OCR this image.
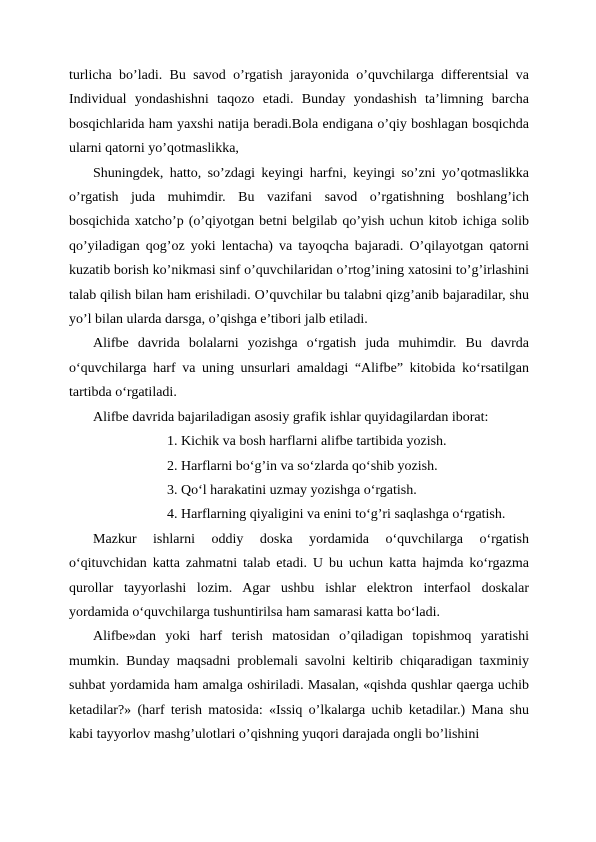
turlicha bo’ladi. Bu savod o’rgatish jarayonida o’quvchilarga differentsial va Individual yondashishni taqozo etadi. Bunday yondashish ta’limning barcha bosqichlarida ham yaxshi natija beradi.Bola endigana o’qiy boshlagan bosqichda ularni qatorni yo’qotmaslikka,

Shuningdek, hatto, so’zdagi keyingi harfni, keyingi so’zni yo’qotmaslikka o’rgatish juda muhimdir. Bu vazifani savod o’rgatishning boshlang’ich bosqichida xatcho’p (o’qiyotgan betni belgilab qo’yish uchun kitob ichiga solib qo’yiladigan qog’oz yoki lentacha) va tayoqcha bajaradi. O’qilayotgan qatorni kuzatib borish ko’nikmasi sinf o’quvchilaridan o’rtog’ining xatosini to’g’irlashini talab qilish bilan ham erishiladi. O’quvchilar bu talabni qizg’anib bajaradilar, shu yo’l bilan ularda darsga, o’qishga e’tibori jalb etiladi.

Alifbe davrida bolalarni yozishga o‘rgatish juda muhimdir. Bu davrda o‘quvchilarga harf va uning unsurlari amaldagi “Alifbe” kitobida ko‘rsatilgan tartibda o‘rgatiladi.

Alifbe davrida bajariladigan asosiy grafik ishlar quyidagilardan iborat:

1. Kichik va bosh harflarni alifbe tartibida yozish.
2. Harflarni bo‘g’in va so‘zlarda qo‘shib yozish.
3. Qo‘l harakatini uzmay yozishga o‘rgatish.
4. Harflarning qiyaligini va enini to‘g’ri saqlashga o‘rgatish.

Mazkur ishlarni oddiy doska yordamida o‘quvchilarga o‘rgatish o‘qituvchidan katta zahmatni talab etadi. U bu uchun katta hajmda ko‘rgazma qurollar tayyorlashi lozim. Agar ushbu ishlar elektron interfaol doskalar yordamida o‘quvchilarga tushuntirilsa ham samarasi katta bo‘ladi.

Alifbe»dan yoki harf terish matosidan o’qiladigan topishmoq yaratishi mumkin. Bunday maqsadni problemali savolni keltirib chiqaradigan taxminiy suhbat yordamida ham amalga oshiriladi. Masalan, «qishda qushlar qaerga uchib ketadilar?» (harf terish matosida: «Issiq o’lkalarga uchib ketadilar.) Mana shu kabi tayyorlov mashg’ulotlari o’qishning yuqori darajada ongli bo’lishini
